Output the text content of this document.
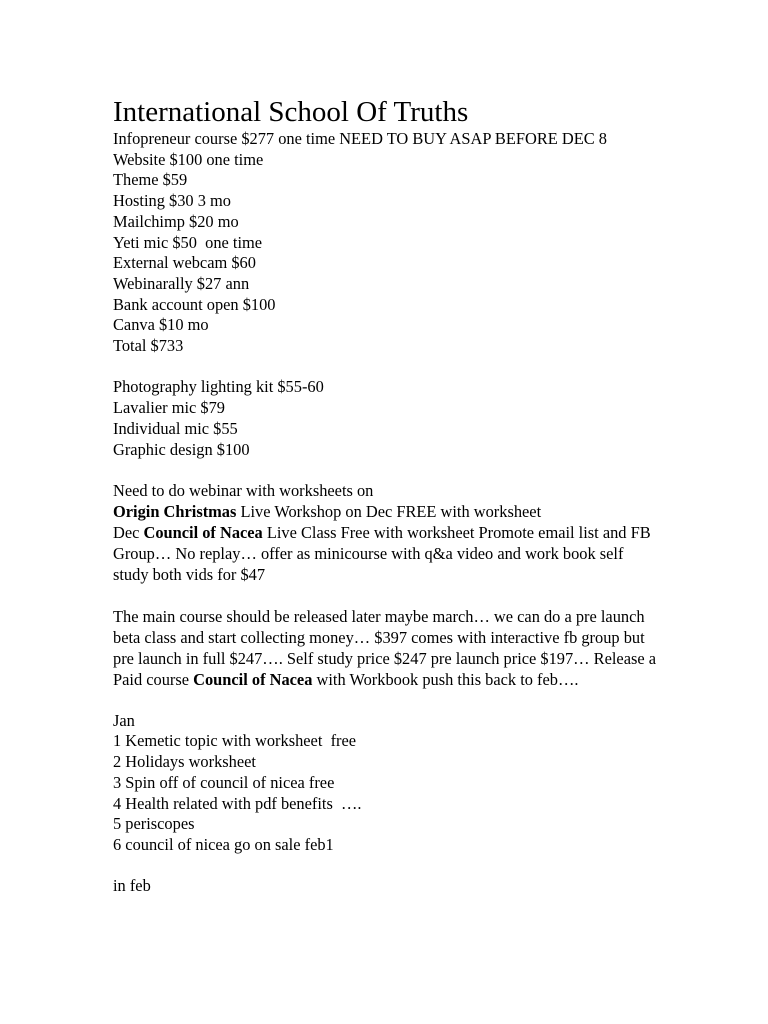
International School Of Truths

Infopreneur course $277 one time NEED TO BUY ASAP BEFORE DEC 8

Website $100 one time

Theme $59

Hosting $30 3 mo

Mailchimp $20 mo

Yeti mic $50  one time

External webcam $60

Webinarally $27 ann

Bank account open $100

Canva $10 mo

Total $733

Photography lighting kit $55-60

Lavalier mic $79

Individual mic $55

Graphic design $100

Need to do webinar with worksheets on

Origin Christmas Live Workshop on Dec FREE with worksheet

Dec Council of Nacea Live Class Free with worksheet Promote email list and FB Group… No replay… offer as minicourse with q&a video and work book self study both vids for $47

The main course should be released later maybe march… we can do a pre launch beta class and start collecting money… $397 comes with interactive fb group but pre launch in full $247…. Self study price $247 pre launch price $197… Release a Paid course Council of Nacea with Workbook push this back to feb….

Jan

1 Kemetic topic with worksheet  free

2 Holidays worksheet

3 Spin off of council of nicea free

4 Health related with pdf benefits  ….

5 periscopes

6 council of nicea go on sale feb1

in feb
